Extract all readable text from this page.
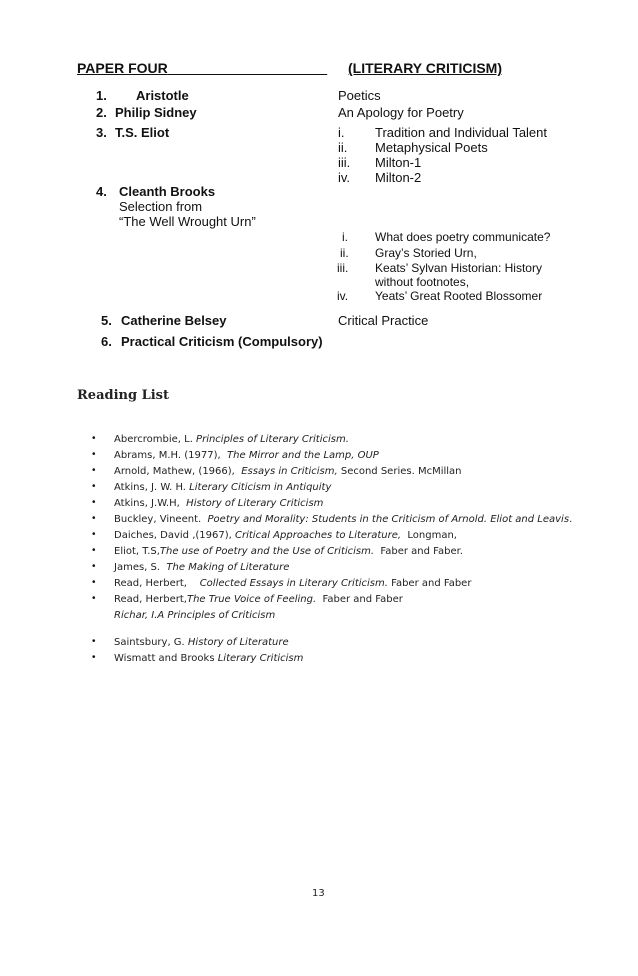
PAPER FOUR	(LITERARY CRITICISM)
1. Aristotle	Poetics
2. Philip Sidney	An Apology for Poetry
3. T.S. Eliot	i. Tradition and Individual Talent
ii. Metaphysical Poets
iii. Milton-1
iv. Milton-2
4. Cleanth Brooks
Selection from
“The Well Wrought Urn”
i. What does poetry communicate?
ii. Gray’s Storied Urn,
iii. Keats’ Sylvan Historian: History
without footnotes,
iv. Yeats’ Great Rooted Blossomer
5. Catherine Belsey	Critical Practice
6. Practical Criticism (Compulsory)
Reading List
• Abercrombie, L. Principles of Literary Criticism.
• Abrams, M.H. (1977),  The Mirror and the Lamp, OUP
• Arnold, Mathew, (1966),  Essays in Criticism, Second Series. McMillan
• Atkins, J. W. H. Literary Citicism in Antiquity
• Atkins, J.W.H,  History of Literary Criticism
• Buckley, Vineent.  Poetry and Morality: Students in the Criticism of Arnold. Eliot and Leavis.
• Daiches, David ,(1967), Critical Approaches to Literature,  Longman,
• Eliot, T.S,The use of Poetry and the Use of Criticism.  Faber and Faber.
• James, S.  The Making of Literature
• Read, Herbert,    Collected Essays in Literary Criticism. Faber and Faber
• Read, Herbert,The True Voice of Feeling.  Faber and Faber
Richar, I.A Principles of Criticism
• Saintsbury, G. History of Literature
• Wismatt and Brooks Literary Criticism
13
